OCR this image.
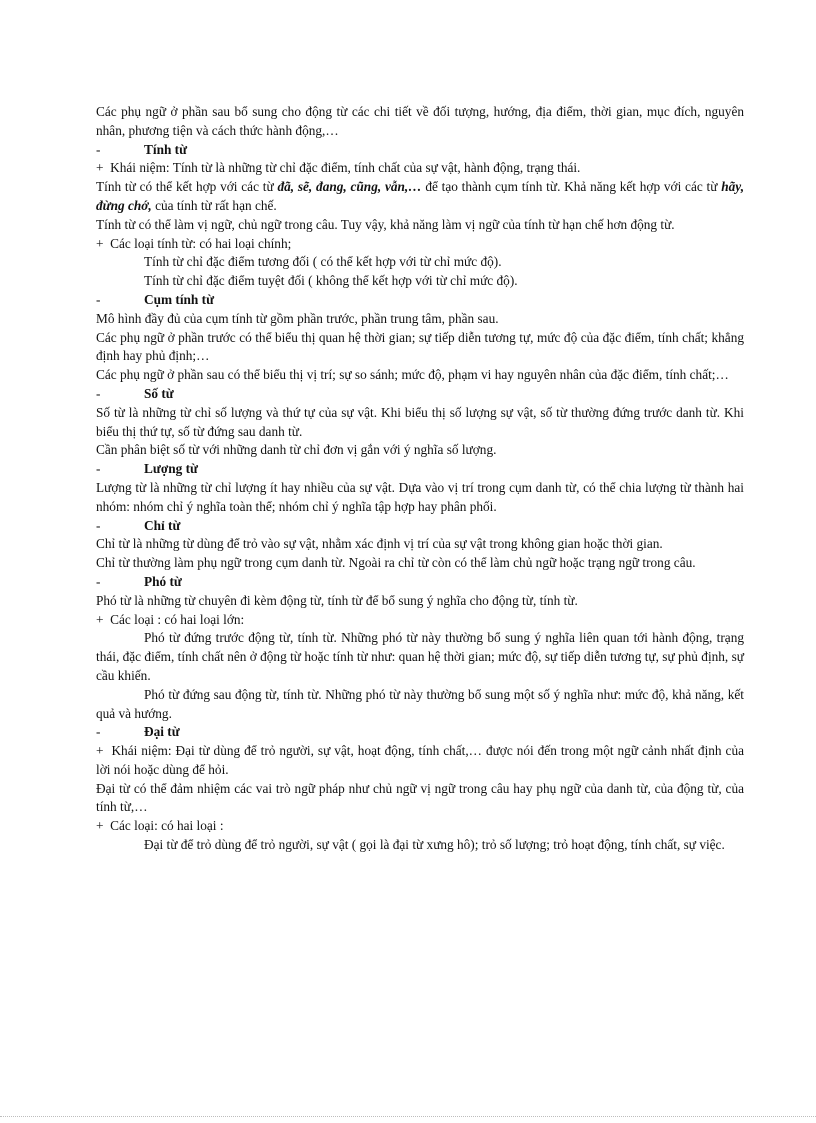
Các phụ ngữ ở phần sau bổ sung cho động từ các chi tiết về đối tượng, hướng, địa điểm, thời gian, mục đích, nguyên nhân, phương tiện và cách thức hành động,…

-	Tính từ

+ Khái niệm: Tính từ là những từ chỉ đặc điểm, tính chất của sự vật, hành động, trạng thái.

Tính từ có thể kết hợp với các từ đã, sẽ, đang, cũng, vẫn,… để tạo thành cụm tính từ. Khả năng kết hợp với các từ hãy, đừng chớ, của tính từ rất hạn chế.

Tính từ có thể làm vị ngữ, chủ ngữ trong câu. Tuy vậy, khả năng làm vị ngữ của tính từ hạn chế hơn động từ.

+ Các loại tính từ: có hai loại chính;

Tính từ chỉ đặc điểm tương đối ( có thể kết hợp với từ chỉ mức độ).

Tính từ chỉ đặc điểm tuyệt đối ( không thể kết hợp với từ chỉ mức độ).

-	Cụm tính từ

Mô hình đầy đủ của cụm tính từ gồm phần trước, phần trung tâm, phần sau.

Các phụ ngữ ở phần trước có thể biểu thị quan hệ thời gian; sự tiếp diễn tương tự, mức độ của đặc điểm, tính chất; khẳng định hay phủ định;…

Các phụ ngữ ở phần sau có thể biểu thị vị trí; sự so sánh; mức độ, phạm vi hay nguyên nhân của đặc điểm, tính chất;…

-	Số từ

Số từ là những từ chỉ số lượng và thứ tự của sự vật. Khi biểu thị số lượng sự vật, số từ thường đứng trước danh từ. Khi biểu thị thứ tự, số từ đứng sau danh từ.

Cần phân biệt số từ với những danh từ chỉ đơn vị gắn với ý nghĩa số lượng.

-	Lượng từ

Lượng từ là những từ chỉ lượng ít hay nhiều của sự vật. Dựa vào vị trí trong cụm danh từ, có thể chia lượng từ thành hai nhóm: nhóm chỉ ý nghĩa toàn thể; nhóm chỉ ý nghĩa tập hợp hay phân phối.

-	Chỉ từ

Chỉ từ là những từ dùng để trỏ vào sự vật, nhằm xác định vị trí của sự vật trong không gian hoặc thời gian.

Chỉ từ thường làm phụ ngữ trong cụm danh từ. Ngoài ra chỉ từ còn có thể làm chủ ngữ hoặc trạng ngữ trong câu.

-	Phó từ

Phó từ là những từ chuyên đi kèm động từ, tính từ để bổ sung ý nghĩa cho động từ, tính từ.

+ Các loại : có hai loại lớn:

Phó từ đứng trước động từ, tính từ. Những phó từ này thường bổ sung ý nghĩa liên quan tới hành động, trạng thái, đặc điểm, tính chất nên ở động từ hoặc tính từ như: quan hệ thời gian; mức độ, sự tiếp diễn tương tự, sự phủ định, sự cầu khiến.

Phó từ đứng sau động từ, tính từ. Những phó từ này thường bổ sung một số ý nghĩa như: mức độ, khả năng, kết quả và hướng.

-	Đại từ

+ Khái niệm: Đại từ dùng để trỏ người, sự vật, hoạt động, tính chất,… được nói đến trong một ngữ cảnh nhất định của lời nói hoặc dùng để hỏi.

Đại từ có thể đảm nhiệm các vai trò ngữ pháp như chủ ngữ vị ngữ trong câu hay phụ ngữ của danh từ, của động từ, của tính từ,…

+ Các loại: có hai loại :

Đại từ để trỏ dùng để trỏ người, sự vật ( gọi là đại từ xưng hô); trỏ số lượng; trỏ hoạt động, tính chất, sự việc.
